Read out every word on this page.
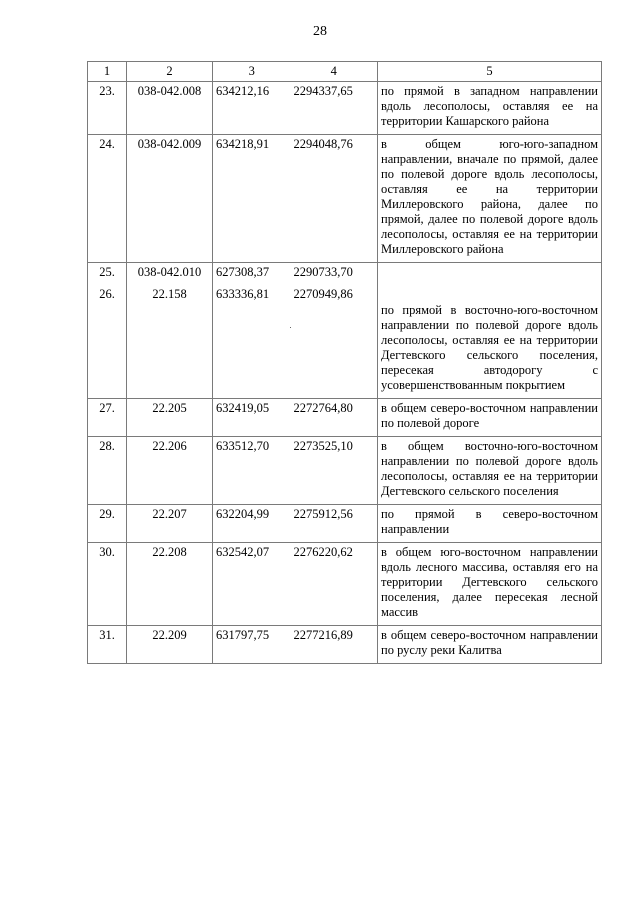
28
1	2	3	4	5
23.	038-042.008	634212,16	2294337,65	по прямой в западном направлении вдоль лесополосы, оставляя ее на территории Кашарского района
24.	038-042.009	634218,91	2294048,76	в общем юго-юго-западном направлении, вначале по прямой, далее по полевой дороге вдоль лесополосы, оставляя ее на территории Миллеровского района, далее по прямой, далее по полевой дороге вдоль лесополосы, оставляя ее на территории Миллеровского района
25.	038-042.010	627308,37	2290733,70	
26.	22.158	633336,81	2270949,86	по прямой в восточно-юго-восточном направлении по полевой дороге вдоль лесополосы, оставляя ее на территории Дегтевского сельского поселения, пересекая автодорогу с усовершенствованным покрытием
27.	22.205	632419,05	2272764,80	в общем северо-восточном направлении по полевой дороге
28.	22.206	633512,70	2273525,10	в общем восточно-юго-восточном направлении по полевой дороге вдоль лесополосы, оставляя ее на территории Дегтевского сельского поселения
29.	22.207	632204,99	2275912,56	по прямой в северо-восточном направлении
30.	22.208	632542,07	2276220,62	в общем юго-восточном направлении вдоль лесного массива, оставляя его на территории Дегтевского сельского поселения, далее пересекая лесной массив
31.	22.209	631797,75	2277216,89	в общем северо-восточном направлении по руслу реки Калитва
